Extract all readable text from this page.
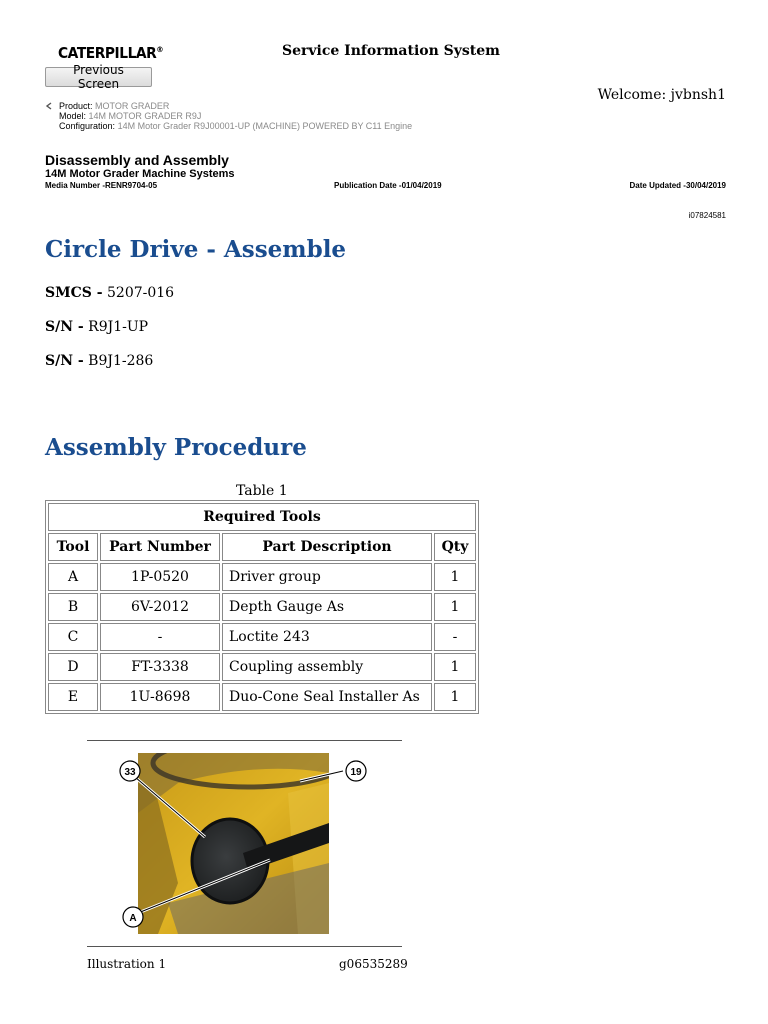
CATERPILLAR®	Service Information System
Previous Screen
Welcome: jvbnsh1
Product: MOTOR GRADER
Model: 14M MOTOR GRADER R9J
Configuration: 14M Motor Grader R9J00001-UP (MACHINE) POWERED BY C11 Engine
Disassembly and Assembly
14M Motor Grader Machine Systems
Media Number -RENR9704-05	Publication Date -01/04/2019	Date Updated -30/04/2019
i07824581
Circle Drive - Assemble
SMCS - 5207-016
S/N - R9J1-UP
S/N - B9J1-286
Assembly Procedure
Table 1
Required Tools			
Tool	Part Number	Part Description	Qty
A	1P-0520	Driver group	1
B	6V-2012	Depth Gauge As	1
C	-	Loctite 243	-
D	FT-3338	Coupling assembly	1
E	1U-8698	Duo-Cone Seal Installer As	1
33	19
A
Illustration 1	g06535289
